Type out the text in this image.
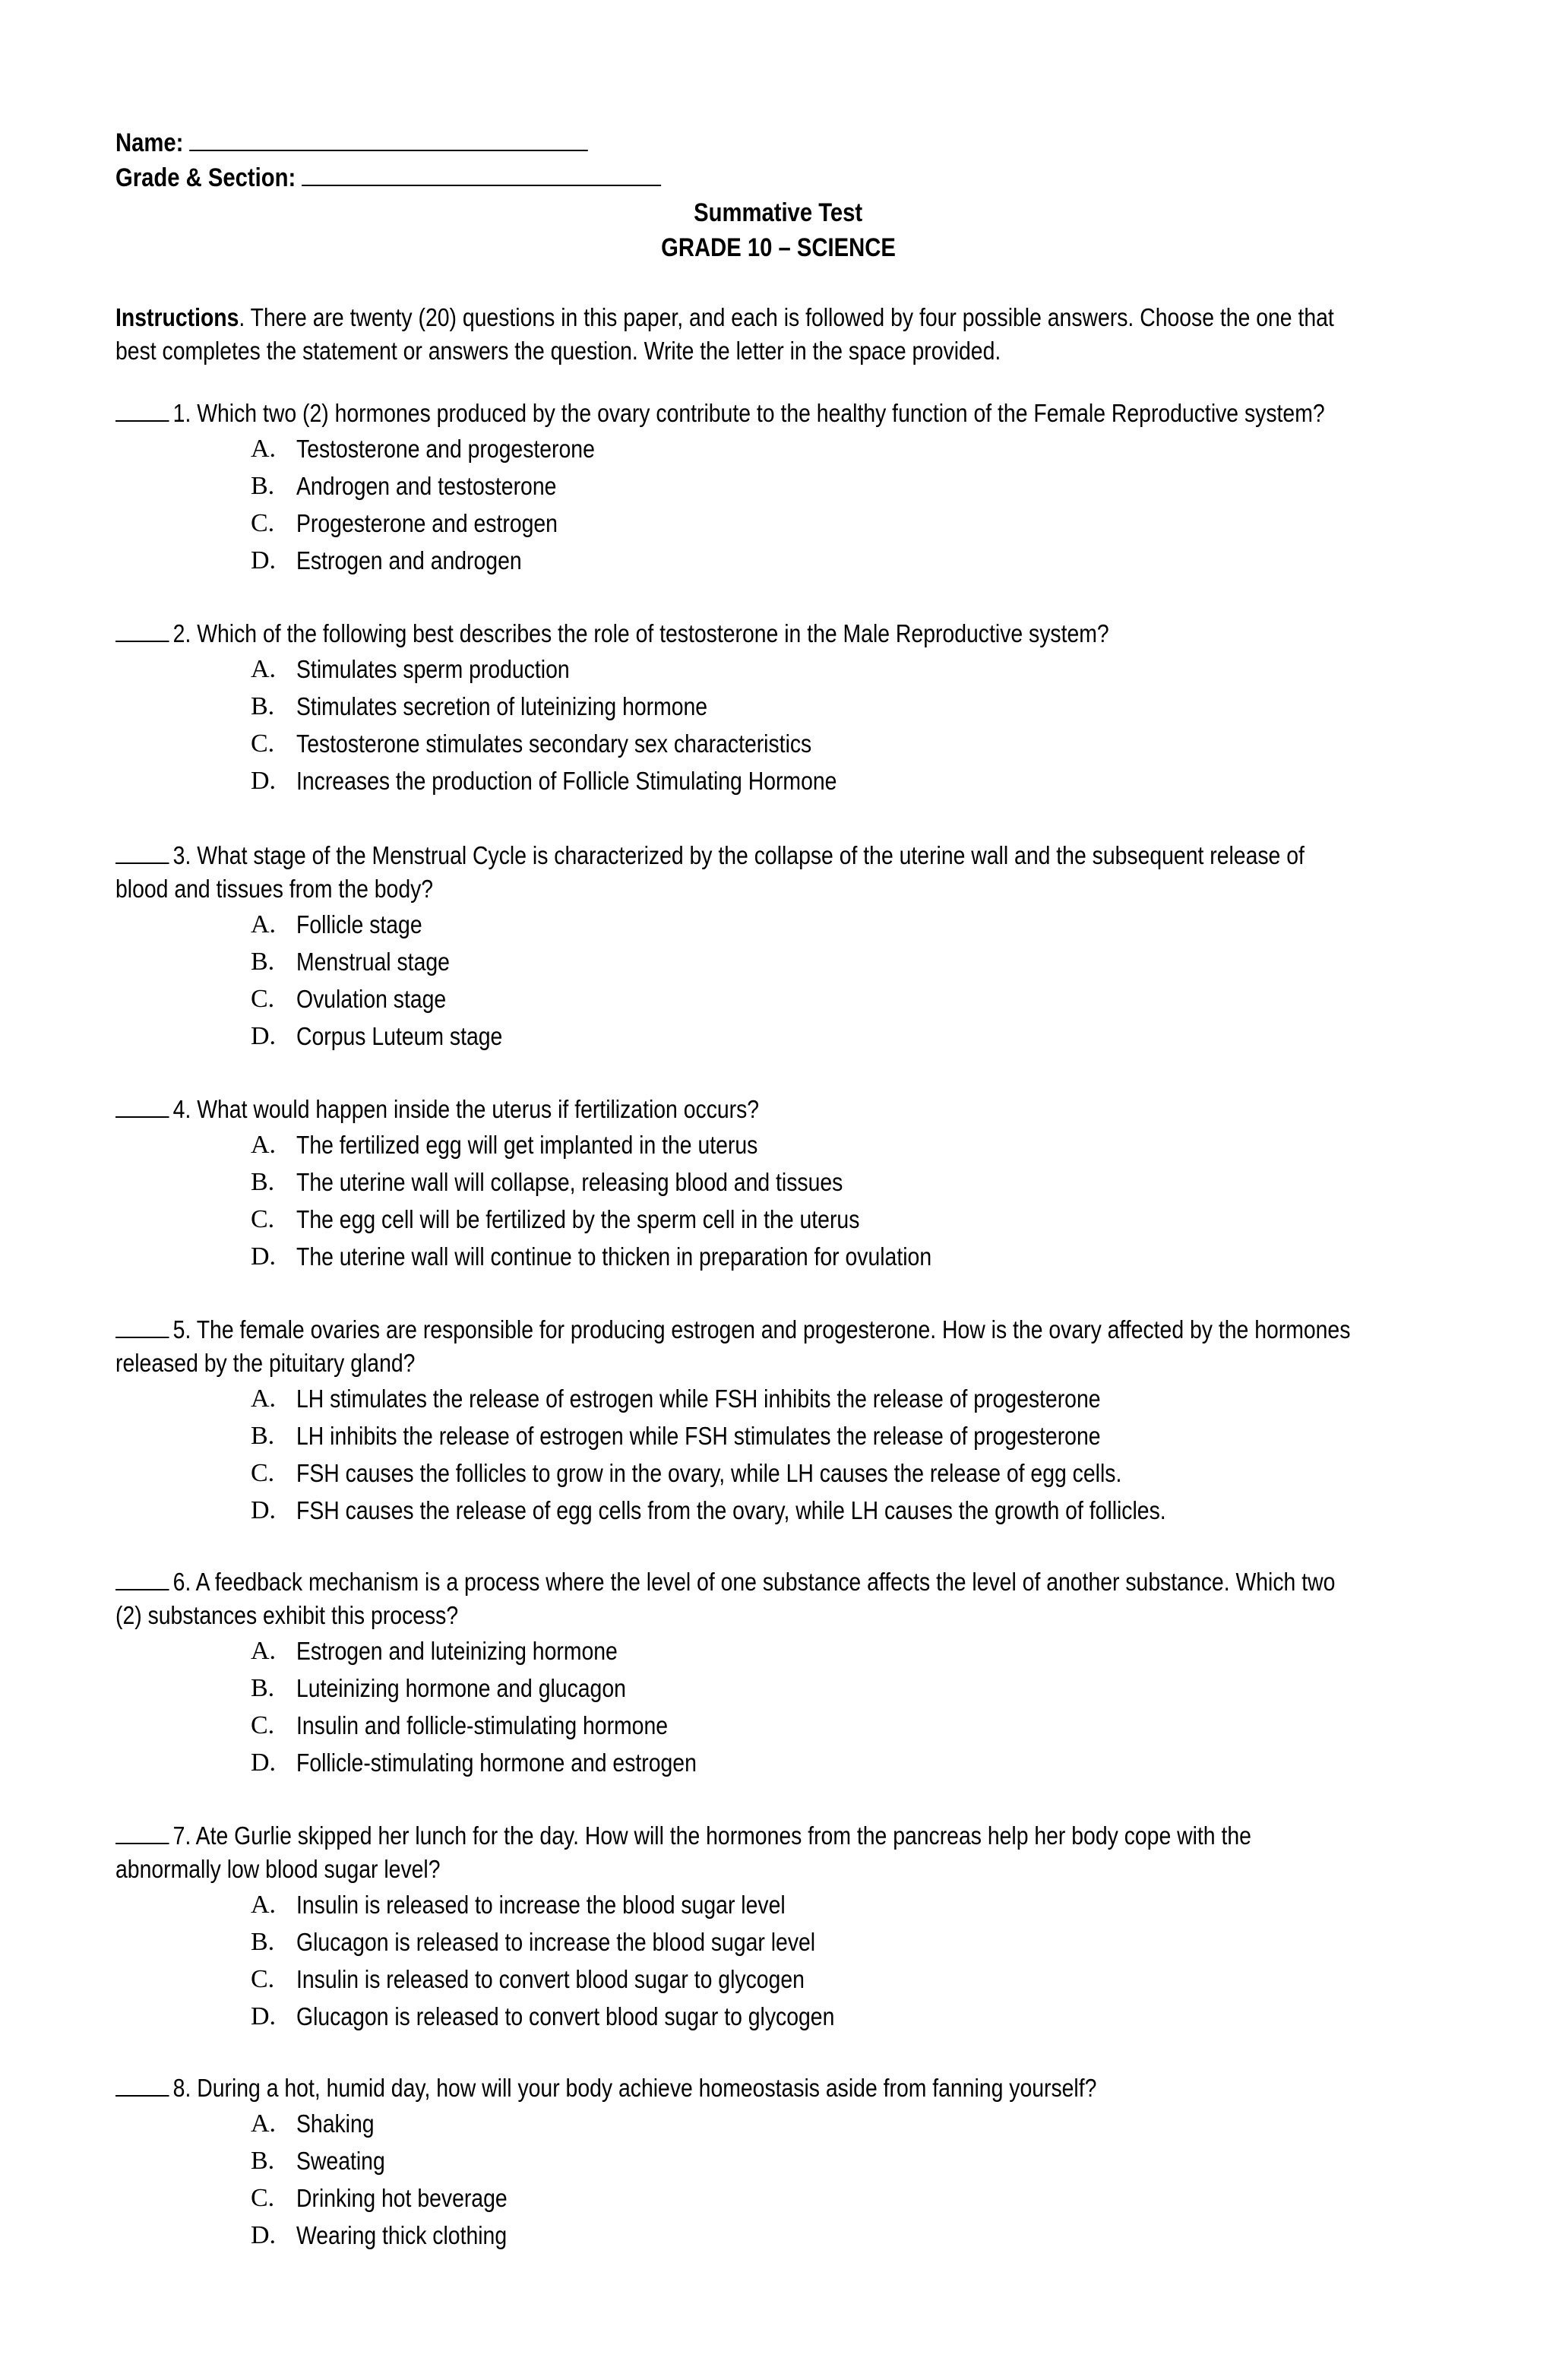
Name:
Grade & Section:
Summative Test
GRADE 10 – SCIENCE
Instructions. There are twenty (20) questions in this paper, and each is followed by four possible answers. Choose the one that
best completes the statement or answers the question. Write the letter in the space provided.
1. Which two (2) hormones produced by the ovary contribute to the healthy function of the Female Reproductive system?
A. Testosterone and progesterone
B. Androgen and testosterone
C. Progesterone and estrogen
D. Estrogen and androgen
2. Which of the following best describes the role of testosterone in the Male Reproductive system?
A. Stimulates sperm production
B. Stimulates secretion of luteinizing hormone
C. Testosterone stimulates secondary sex characteristics
D. Increases the production of Follicle Stimulating Hormone
3. What stage of the Menstrual Cycle is characterized by the collapse of the uterine wall and the subsequent release of
blood and tissues from the body?
A. Follicle stage
B. Menstrual stage
C. Ovulation stage
D. Corpus Luteum stage
4. What would happen inside the uterus if fertilization occurs?
A. The fertilized egg will get implanted in the uterus
B. The uterine wall will collapse, releasing blood and tissues
C. The egg cell will be fertilized by the sperm cell in the uterus
D. The uterine wall will continue to thicken in preparation for ovulation
5. The female ovaries are responsible for producing estrogen and progesterone. How is the ovary affected by the hormones
released by the pituitary gland?
A. LH stimulates the release of estrogen while FSH inhibits the release of progesterone
B. LH inhibits the release of estrogen while FSH stimulates the release of progesterone
C. FSH causes the follicles to grow in the ovary, while LH causes the release of egg cells.
D. FSH causes the release of egg cells from the ovary, while LH causes the growth of follicles.
6. A feedback mechanism is a process where the level of one substance affects the level of another substance. Which two
(2) substances exhibit this process?
A. Estrogen and luteinizing hormone
B. Luteinizing hormone and glucagon
C. Insulin and follicle-stimulating hormone
D. Follicle-stimulating hormone and estrogen
7. Ate Gurlie skipped her lunch for the day. How will the hormones from the pancreas help her body cope with the
abnormally low blood sugar level?
A. Insulin is released to increase the blood sugar level
B. Glucagon is released to increase the blood sugar level
C. Insulin is released to convert blood sugar to glycogen
D. Glucagon is released to convert blood sugar to glycogen
8. During a hot, humid day, how will your body achieve homeostasis aside from fanning yourself?
A. Shaking
B. Sweating
C. Drinking hot beverage
D. Wearing thick clothing
